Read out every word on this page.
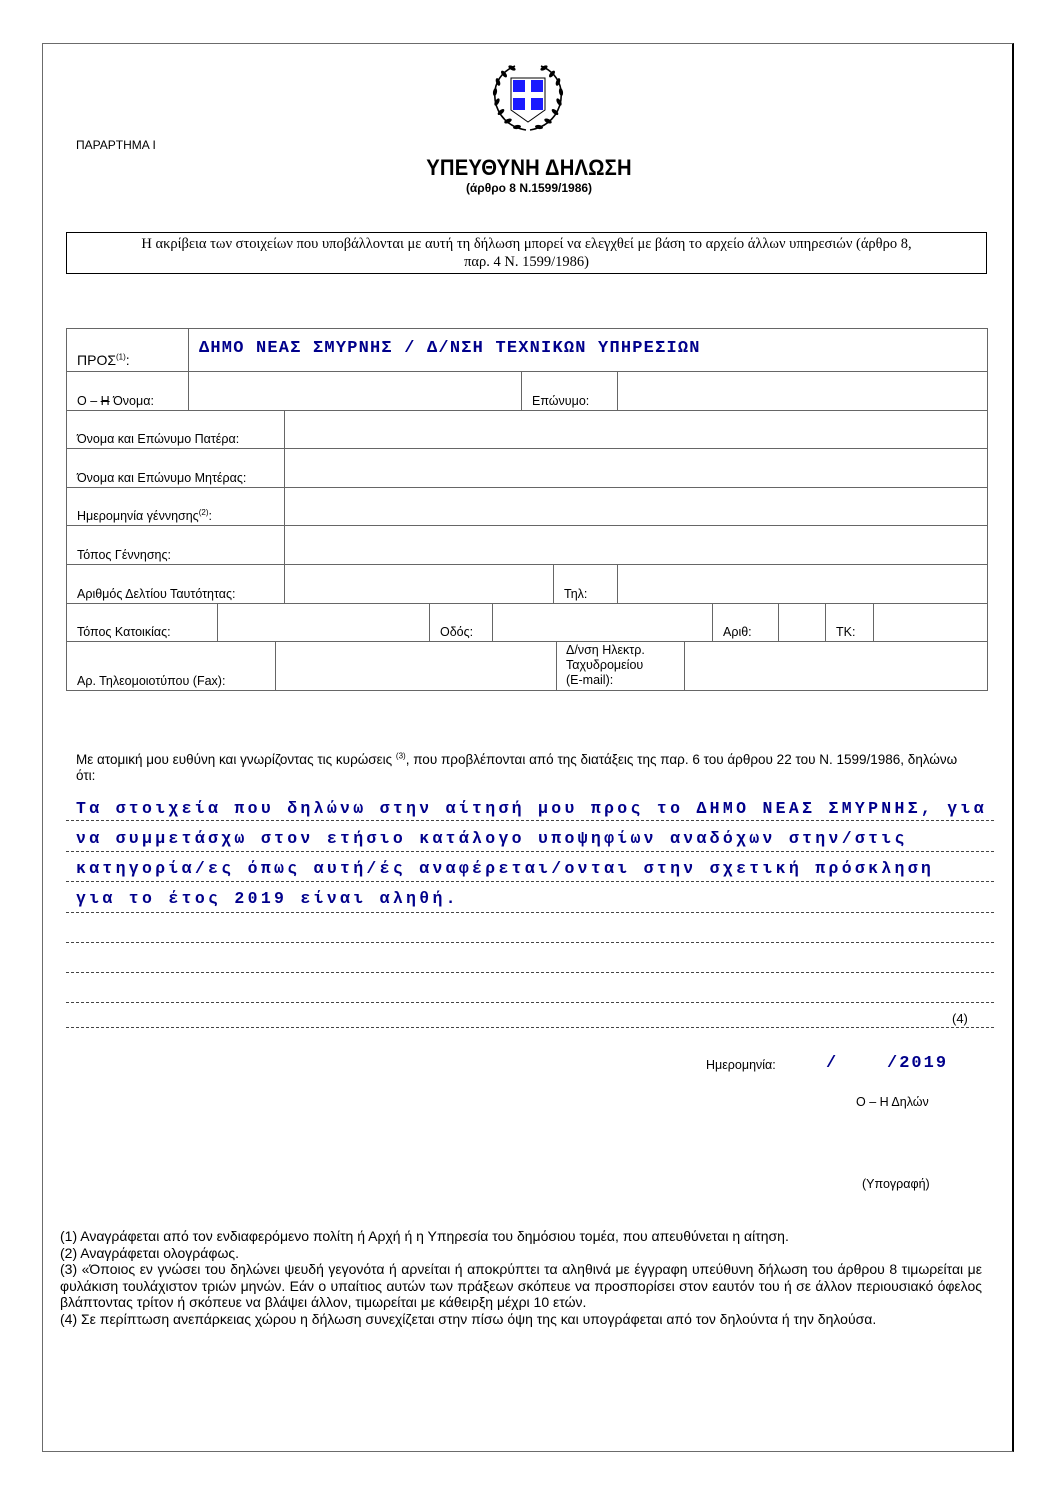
ΠΑΡΑΡΤΗΜΑ Ι
ΥΠΕΥΘΥΝΗ ΔΗΛΩΣΗ
(άρθρο 8 Ν.1599/1986)
Η ακρίβεια των στοιχείων που υποβάλλονται με αυτή τη δήλωση μπορεί να ελεγχθεί με βάση το αρχείο άλλων υπηρεσιών (άρθρο 8,
παρ. 4 Ν. 1599/1986)
ΠΡΟΣ$^{(1)}$:
ΔΗΜΟ ΝΕΑΣ ΣΜΥΡΝΗΣ / Δ/ΝΣΗ ΤΕΧΝΙΚΩΝ ΥΠΗΡΕΣΙΩΝ
Ο – Η Όνομα:	Επώνυμο:
Όνομα και Επώνυμο Πατέρα:
Όνομα και Επώνυμο Μητέρας:
Ημερομηνία γέννησης$^{(2)}$:
Τόπος Γέννησης:
Αριθμός Δελτίου Ταυτότητας:	Τηλ:
Τόπος Κατοικίας:	Οδός:	Αριθ:	ΤΚ:
Αρ. Τηλεομοιοτύπου (Fax):
Δ/νση Ηλεκτρ.
Ταχυδρομείου
(E-mail):
Με ατομική μου ευθύνη και γνωρίζοντας τις κυρώσεις $^{(3)}$, που προβλέπονται από της διατάξεις της παρ. 6 του άρθρου 22 του Ν. 1599/1986, δηλώνω ότι:
Τα στοιχεία που δηλώνω στην αίτησή μου προς το ΔΗΜΟ ΝΕΑΣ ΣΜΥΡΝΗΣ, για
να συμμετάσχω στον ετήσιο κατάλογο υποψηφίων αναδόχων στην/στις
κατηγορία/ες όπως αυτή/ές αναφέρεται/ονται στην σχετική πρόσκληση
για το έτος 2019 είναι αληθή.
(4)
Ημερομηνία:	/    /2019
Ο – Η Δηλών
(Υπογραφή)

(1) Αναγράφεται από τον ενδιαφερόμενο πολίτη ή Αρχή ή η Υπηρεσία του δημόσιου τομέα, που απευθύνεται η αίτηση.

(2) Αναγράφεται ολογράφως.

(3) «Όποιος εν γνώσει του δηλώνει ψευδή γεγονότα ή αρνείται ή αποκρύπτει τα αληθινά με έγγραφη υπεύθυνη δήλωση του άρθρου 8 τιμωρείται με φυλάκιση τουλάχιστον τριών μηνών. Εάν ο υπαίτιος αυτών των πράξεων σκόπευε να προσπορίσει στον εαυτόν του ή σε άλλον περιουσιακό όφελος βλάπτοντας τρίτον ή σκόπευε να βλάψει άλλον, τιμωρείται με κάθειρξη μέχρι 10 ετών.

(4) Σε περίπτωση ανεπάρκειας χώρου η δήλωση συνεχίζεται στην πίσω όψη της και υπογράφεται από τον δηλούντα ή την δηλούσα.
